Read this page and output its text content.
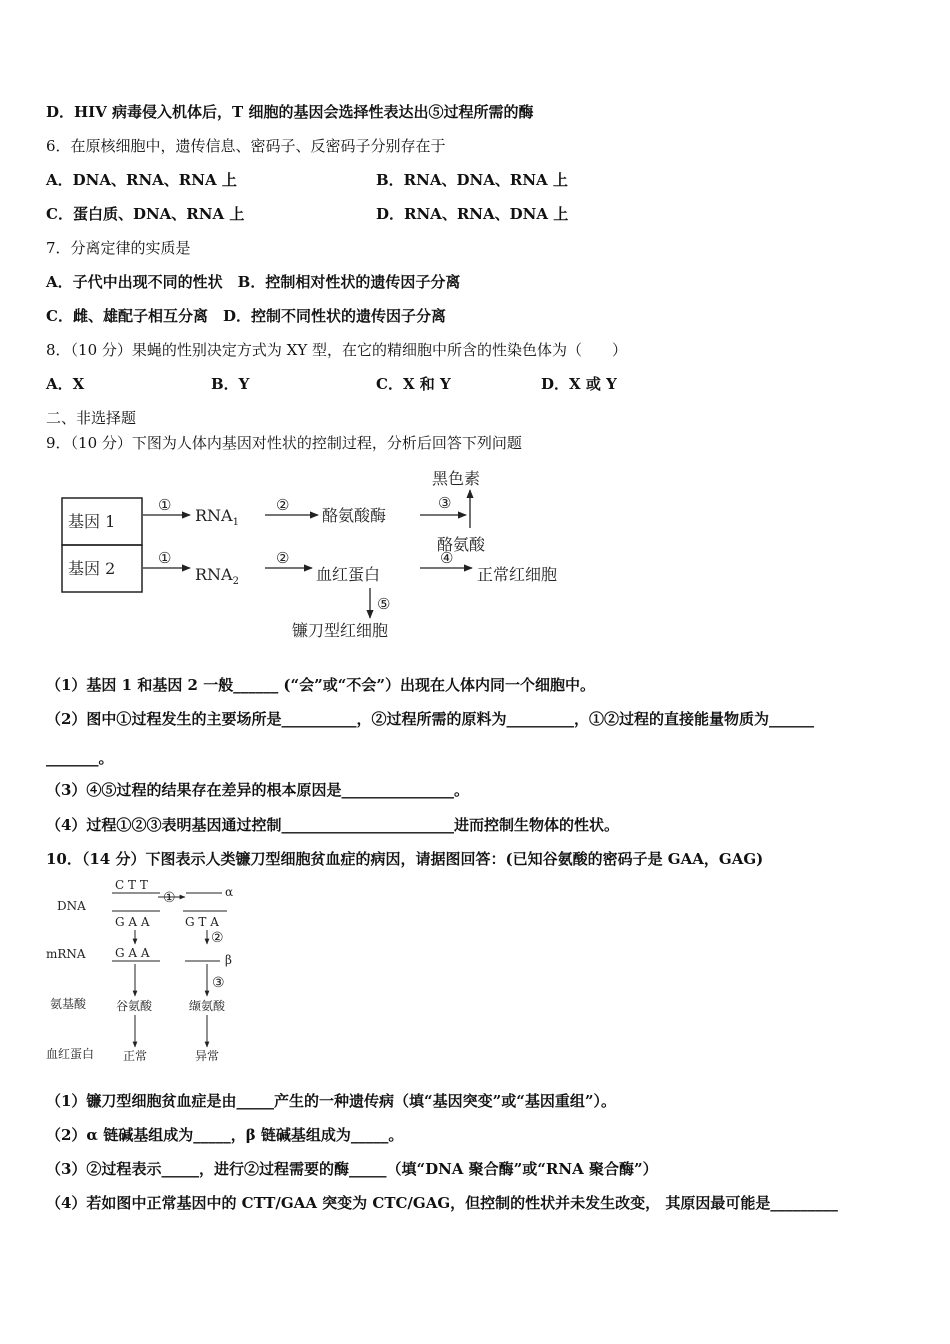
D．HIV 病毒侵入机体后，T 细胞的基因会选择性表达出⑤过程所需的酶
6．在原核细胞中，遗传信息、密码子、反密码子分别存在于
A．DNA、RNA、RNA 上	B．RNA、DNA、RNA 上
C．蛋白质、DNA、RNA 上	D．RNA、RNA、DNA 上
7．分离定律的实质是
A．子代中出现不同的性状　B．控制相对性状的遗传因子分离
C．雌、雄配子相互分离　D．控制不同性状的遗传因子分离
8．（10 分）果蝇的性别决定方式为 XY 型，在它的精细胞中所含的性染色体为（　　）
A．X	B．Y	C．X 和 Y	D．X 或 Y
二、非选择题
9．（10 分）下图为人体内基因对性状的控制过程，分析后回答下列问题
基因 1
基因 2
①
$RNA_1$
②
酪氨酸酶
③
黑色素
酪氨酸
①
$RNA_2$
②
血红蛋白
④
正常红细胞
⑤
镰刀型红细胞
（1）基因 1 和基因 2 一般______ (“会”或“不会”）出现在人体内同一个细胞中。
（2）图中①过程发生的主要场所是__________，②过程所需的原料为_________，①②过程的直接能量物质为______
_______。
（3）④⑤过程的结果存在差异的根本原因是_______________。
（4）过程①②③表明基因通过控制_______________________进而控制生物体的性状。
10．（14 分）下图表示人类镰刀型细胞贫血症的病因，请据图回答：(已知谷氨酸的密码子是 GAA，GAG)
DNA
mRNA
氨基酸
血红蛋白
C T T
G A A
①	α
G T A
G A A
②
β
③
谷氨酸	缬氨酸
正常	异常
（1）镰刀型细胞贫血症是由_____产生的一种遗传病（填“基因突变”或“基因重组”）。
（2）α 链碱基组成为_____，β 链碱基组成为_____。
（3）②过程表示_____，进行②过程需要的酶_____（填“DNA 聚合酶”或“RNA 聚合酶”）
（4）若如图中正常基因中的 CTT/GAA 突变为 CTC/GAG，但控制的性状并未发生改变， 其原因最可能是_________
